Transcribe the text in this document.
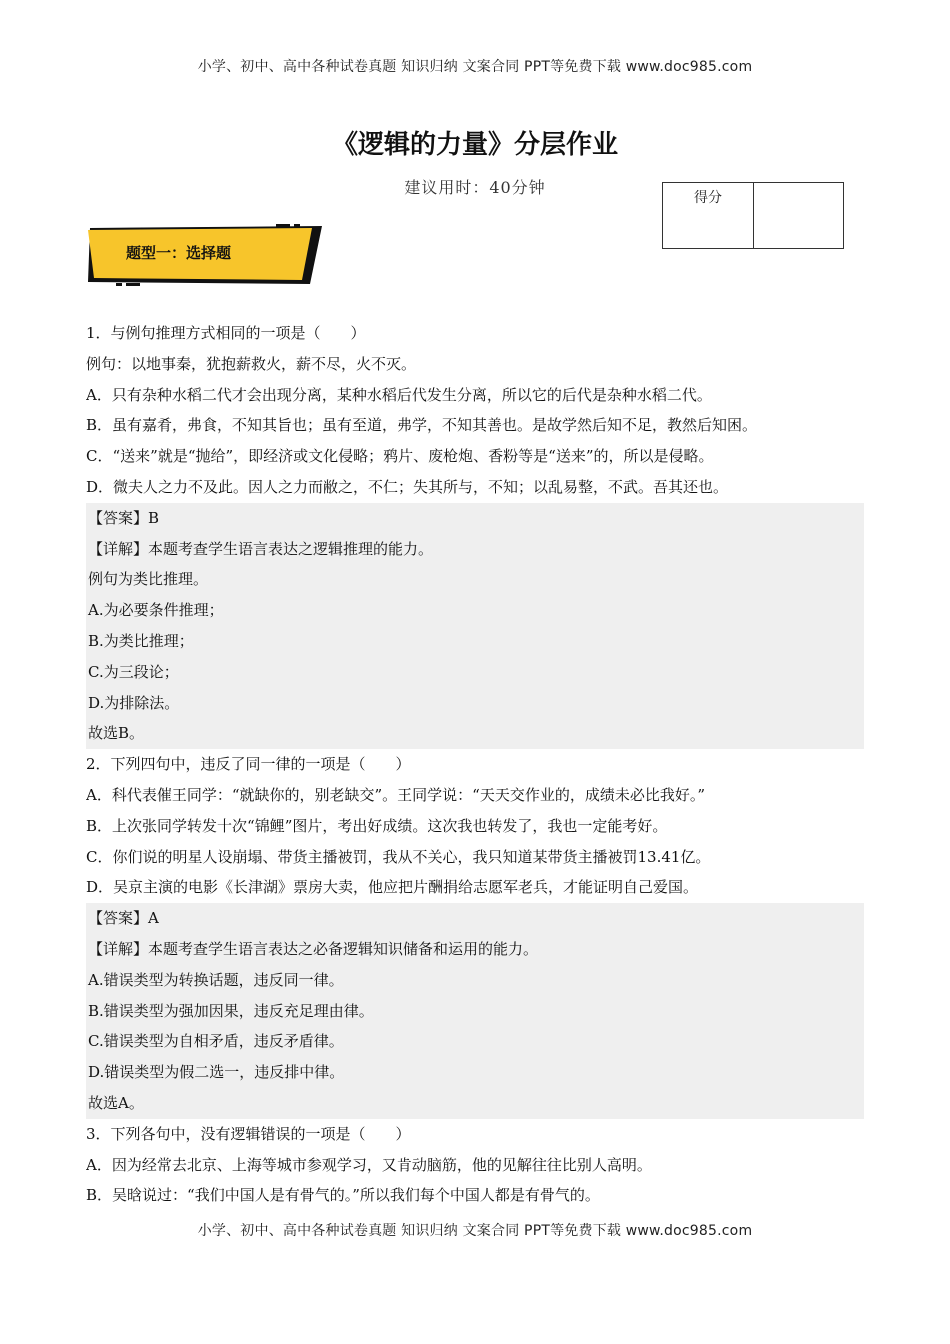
小学、初中、高中各种试卷真题 知识归纳 文案合同 PPT等免费下载 www.doc985.com
《逻辑的力量》分层作业
建议用时：40分钟
得分
题型一：选择题
1．与例句推理方式相同的一项是（　　）
例句：以地事秦，犹抱薪救火，薪不尽，火不灭。
A．只有杂种水稻二代才会出现分离，某种水稻后代发生分离，所以它的后代是杂种水稻二代。
B．虽有嘉肴，弗食，不知其旨也；虽有至道，弗学，不知其善也。是故学然后知不足，教然后知困。
C．“送来”就是“抛给”，即经济或文化侵略；鸦片、废枪炮、香粉等是“送来”的，所以是侵略。
D．微夫人之力不及此。因人之力而敝之，不仁；失其所与，不知；以乱易整，不武。吾其还也。
【答案】B
【详解】本题考查学生语言表达之逻辑推理的能力。
例句为类比推理。
A.为必要条件推理；
B.为类比推理；
C.为三段论；
D.为排除法。
故选B。
2．下列四句中，违反了同一律的一项是（　　）
A．科代表催王同学：“就缺你的，别老缺交”。王同学说：“天天交作业的，成绩未必比我好。”
B．上次张同学转发十次“锦鲤”图片，考出好成绩。这次我也转发了，我也一定能考好。
C．你们说的明星人设崩塌、带货主播被罚，我从不关心，我只知道某带货主播被罚13.41亿。
D．吴京主演的电影《长津湖》票房大卖，他应把片酬捐给志愿军老兵，才能证明自己爱国。
【答案】A
【详解】本题考查学生语言表达之必备逻辑知识储备和运用的能力。
A.错误类型为转换话题，违反同一律。
B.错误类型为强加因果，违反充足理由律。
C.错误类型为自相矛盾，违反矛盾律。
D.错误类型为假二选一，违反排中律。
故选A。
3．下列各句中，没有逻辑错误的一项是（　　）
A．因为经常去北京、上海等城市参观学习，又肯动脑筋，他的见解往往比别人高明。
B．吴晗说过：“我们中国人是有骨气的。”所以我们每个中国人都是有骨气的。
小学、初中、高中各种试卷真题 知识归纳 文案合同 PPT等免费下载 www.doc985.com
